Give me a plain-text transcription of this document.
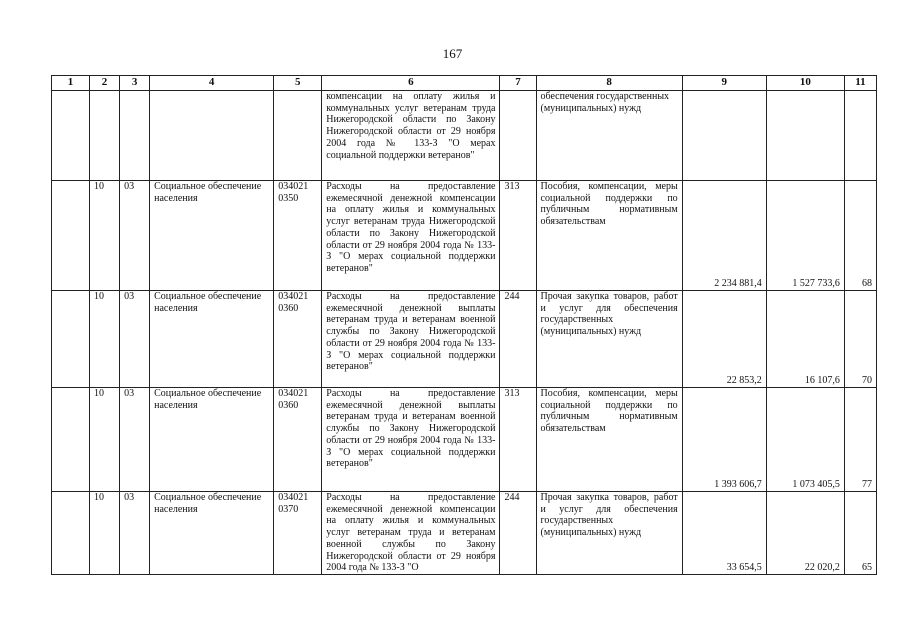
167
1	2	3	4	5	6	7	8	9	10	11
					компенсации на оплату жилья и коммунальных услуг ветеранам труда Нижегородской области по Закону Нижегородской области от 29 ноября 2004 года № 133-З "О мерах социальной поддержки ветеранов"		обеспечения государственных (муниципальных) нужд			
	10	03	Социальное обеспечение населения	034021 0350	Расходы на предоставление ежемесячной денежной компенсации на оплату жилья и коммунальных услуг ветеранам труда Нижегородской области по Закону Нижегородской области от 29 ноября 2004 года № 133-З "О мерах социальной поддержки ветеранов"	313	Пособия, компенсации, меры социальной поддержки по публичным нормативным обязательствам	2 234 881,4	1 527 733,6	68
	10	03	Социальное обеспечение населения	034021 0360	Расходы на предоставление ежемесячной денежной выплаты ветеранам труда и ветеранам военной службы по Закону Нижегородской области от 29 ноября 2004 года № 133-З "О мерах социальной поддержки ветеранов"	244	Прочая закупка товаров, работ и услуг для обеспечения государственных (муниципальных) нужд	22 853,2	16 107,6	70
	10	03	Социальное обеспечение населения	034021 0360	Расходы на предоставление ежемесячной денежной выплаты ветеранам труда и ветеранам военной службы по Закону Нижегородской области от 29 ноября 2004 года № 133-З "О мерах социальной поддержки ветеранов"	313	Пособия, компенсации, меры социальной поддержки по публичным нормативным обязательствам	1 393 606,7	1 073 405,5	77
	10	03	Социальное обеспечение населения	034021 0370	Расходы на предоставление ежемесячной денежной компенсации на оплату жилья и коммунальных услуг ветеранам труда и ветеранам военной службы по Закону Нижегородской области от 29 ноября 2004 года № 133-З "О	244	Прочая закупка товаров, работ и услуг для обеспечения государственных (муниципальных) нужд	33 654,5	22 020,2	65
